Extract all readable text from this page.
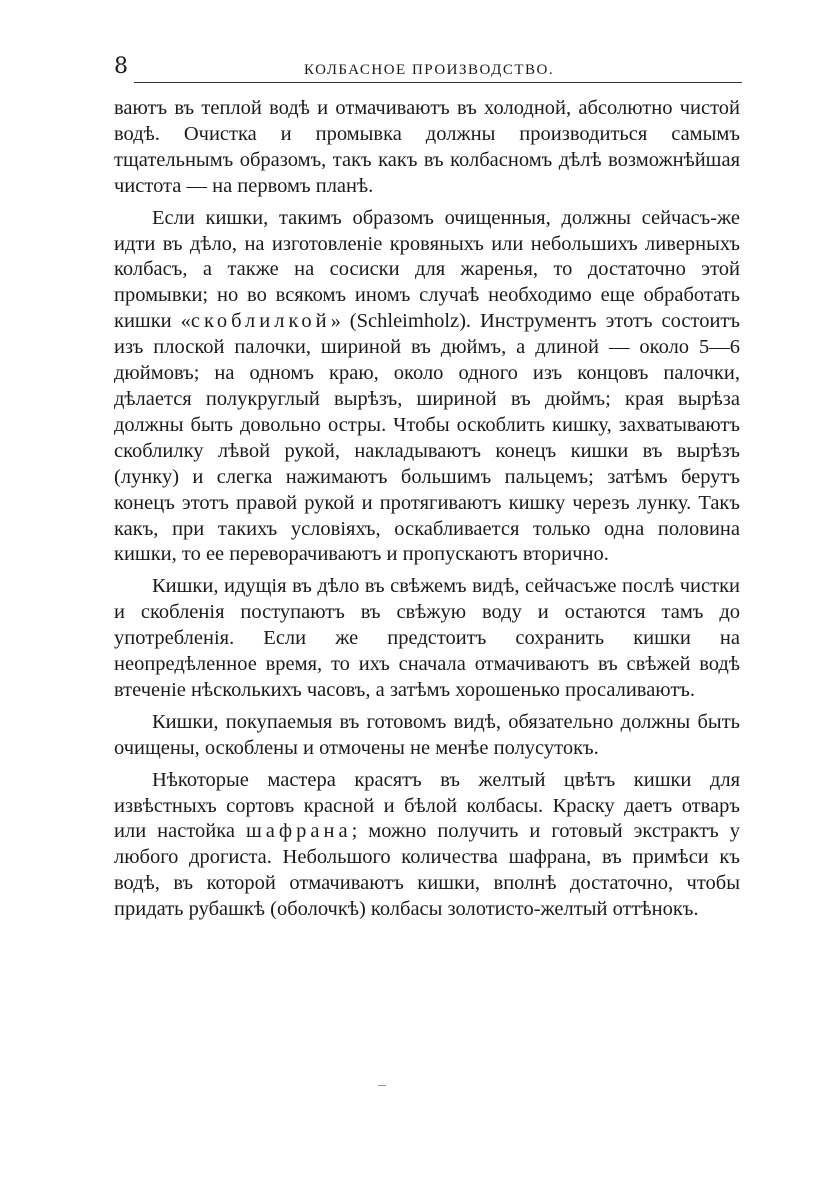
8	КОЛБАСНОЕ ПРОИЗВОДСТВО.

ваютъ въ теплой водѣ и отмачиваютъ въ холодной, абсолютно чистой водѣ. Очистка и промывка должны производиться самымъ тщательнымъ образомъ, такъ какъ въ колбасномъ дѣлѣ возможнѣйшая чистота — на первомъ планѣ.

Если кишки, такимъ образомъ очищенныя, должны сейчасъ-же идти въ дѣло, на изготовленіе кровяныхъ или небольшихъ ливерныхъ колбасъ, а также на сосиски для жаренья, то достаточно этой промывки; но во всякомъ иномъ случаѣ необходимо еще обработать кишки «скоблилкой» (Schleimholz). Инструментъ этотъ состоитъ изъ плоской палочки, шириной въ дюймъ, а длиной — около 5—6 дюймовъ; на одномъ краю, около одного изъ концовъ палочки, дѣлается полукруглый вырѣзъ, шириной въ дюймъ; края вырѣза должны быть довольно остры. Чтобы оскоблить кишку, захватываютъ скоблилку лѣвой рукой, накладываютъ конецъ кишки въ вырѣзъ (лунку) и слегка нажимаютъ большимъ пальцемъ; затѣмъ берутъ конецъ этотъ правой рукой и протягиваютъ кишку черезъ лунку. Такъ какъ, при такихъ условіяхъ, оскабливается только одна половина кишки, то ее переворачиваютъ и пропускаютъ вторично.

Кишки, идущія въ дѣло въ свѣжемъ видѣ, сейчасъже послѣ чистки и скобленія поступаютъ въ свѣжую воду и остаются тамъ до употребленія. Если же предстоитъ сохранить кишки на неопредѣленное время, то ихъ сначала отмачиваютъ въ свѣжей водѣ втеченіе нѣсколькихъ часовъ, а затѣмъ хорошенько просаливаютъ.

Кишки, покупаемыя въ готовомъ видѣ, обязательно должны быть очищены, оскоблены и отмочены не менѣе полусутокъ.

Нѣкоторые мастера красятъ въ желтый цвѣтъ кишки для извѣстныхъ сортовъ красной и бѣлой колбасы. Краску даетъ отваръ или настойка шафрана; можно получить и готовый экстрактъ у любого дрогиста. Небольшого количества шафрана, въ примѣси къ водѣ, въ которой отмачиваютъ кишки, вполнѣ достаточно, чтобы придать рубашкѣ (оболочкѣ) колбасы золотисто-желтый оттѣнокъ.
